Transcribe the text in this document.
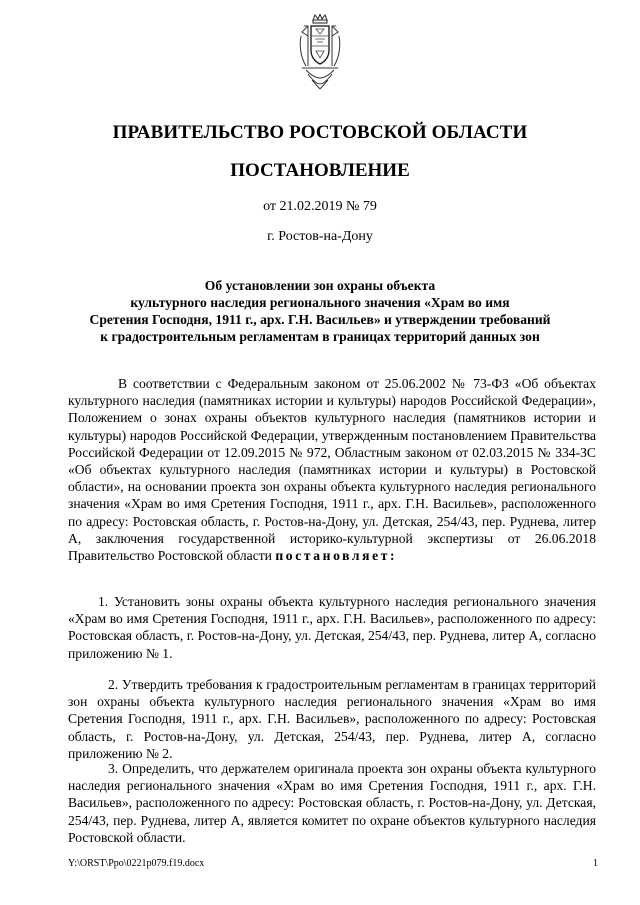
ПРАВИТЕЛЬСТВО РОСТОВСКОЙ ОБЛАСТИ
ПОСТАНОВЛЕНИЕ
от 21.02.2019 № 79
г. Ростов-на-Дону
Об установлении зон охраны объекта
культурного наследия регионального значения «Храм во имя
Сретения Господня, 1911 г., арх. Г.Н. Васильев» и утверждении требований
к градостроительным регламентам в границах территорий данных зон
В соответствии с Федеральным законом от 25.06.2002 № 73-ФЗ «Об объектах культурного наследия (памятниках истории и культуры) народов Российской Федерации», Положением о зонах охраны объектов культурного наследия (памятников истории и культуры) народов Российской Федерации, утвержденным постановлением Правительства Российской Федерации от 12.09.2015 № 972, Областным законом от 02.03.2015 № 334-ЗС «Об объектах культурного наследия (памятниках истории и культуры) в Ростовской области», на основании проекта зон охраны объекта культурного наследия регионального значения «Храм во имя Сретения Господня, 1911 г., арх. Г.Н. Васильев», расположенного по адресу: Ростовская область, г. Ростов-на-Дону, ул. Детская, 254/43, пер. Руднева, литер А, заключения государственной историко-культурной экспертизы от 26.06.2018 Правительство Ростовской области постановляет:
1. Установить зоны охраны объекта культурного наследия регионального значения «Храм во имя Сретения Господня, 1911 г., арх. Г.Н. Васильев», расположенного по адресу: Ростовская область, г. Ростов-на-Дону, ул. Детская, 254/43, пер. Руднева, литер А, согласно приложению № 1.
2. Утвердить требования к градостроительным регламентам в границах территорий зон охраны объекта культурного наследия регионального значения «Храм во имя Сретения Господня, 1911 г., арх. Г.Н. Васильев», расположенного по адресу: Ростовская область, г. Ростов-на-Дону, ул. Детская, 254/43, пер. Руднева, литер А, согласно приложению № 2.
3. Определить, что держателем оригинала проекта зон охраны объекта культурного наследия регионального значения «Храм во имя Сретения Господня, 1911 г., арх. Г.Н. Васильев», расположенного по адресу: Ростовская область, г. Ростов-на-Дону, ул. Детская, 254/43, пер. Руднева, литер А, является комитет по охране объектов культурного наследия Ростовской области.
Y:\ORST\Ppo\0221p079.f19.docx	1
